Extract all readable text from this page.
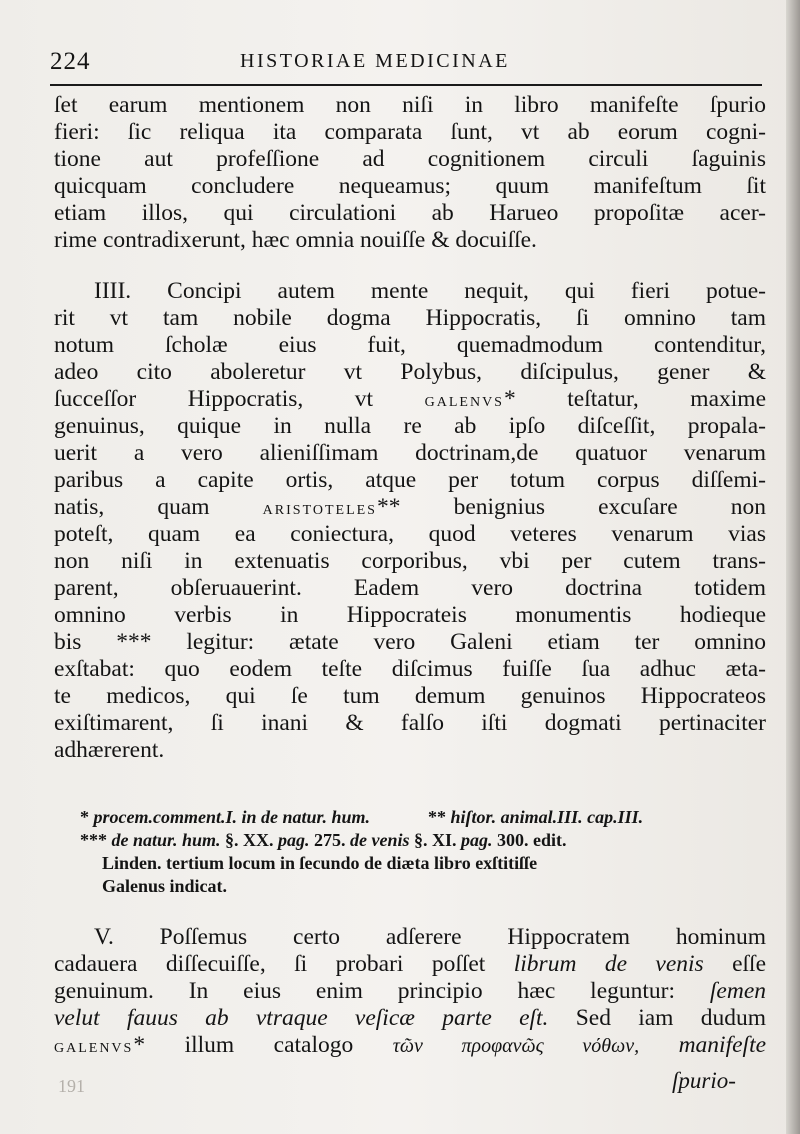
224	HISTORIAE MEDICINAE
ſet earum mentionem non niſi in libro manifeſte ſpurio
fieri: ſic reliqua ita comparata ſunt, vt ab eorum cogni-
tione aut profeſſione ad cognitionem circuli ſaguinis
quicquam concludere nequeamus; quum manifeſtum ſit
etiam illos, qui circulationi ab Harueo propoſitæ acer-
rime contradixerunt, hæc omnia nouiſſe & docuiſſe.
IIII. Concipi autem mente nequit, qui fieri potue-
rit vt tam nobile dogma Hippocratis, ſi omnino tam
notum ſcholæ eius fuit, quemadmodum contenditur,
adeo cito aboleretur vt Polybus, diſcipulus, gener &
ſucceſſor Hippocratis, vt galenvs* teſtatur, maxime
genuinus, quique in nulla re ab ipſo diſceſſit, propala-
uerit a vero alieniſſimam doctrinam,de quatuor venarum
paribus a capite ortis, atque per totum corpus diſſemi-
natis, quam aristoteles** benignius excuſare non
poteſt, quam ea coniectura, quod veteres venarum vias
non niſi in extenuatis corporibus, vbi per cutem trans-
parent, obſeruauerint. Eadem vero doctrina totidem
omnino verbis in Hippocrateis monumentis hodieque
bis *** legitur: ætate vero Galeni etiam ter omnino
exſtabat: quo eodem teſte diſcimus fuiſſe ſua adhuc æta-
te medicos, qui ſe tum demum genuinos Hippocrateos
exiſtimarent, ſi inani & falſo iſti dogmati pertinaciter
adhærerent.
* procem.comment.I. in de natur. hum.	** hiſtor. animal.III. cap.III.
*** de natur. hum. §. XX. pag. 275. de venis §. XI. pag. 300. edit.
Linden. tertium locum in ſecundo de diæta libro exſtitiſſe
Galenus indicat.
V. Poſſemus certo adſerere Hippocratem hominum
cadauera diſſecuiſſe, ſi probari poſſet librum de venis eſſe
genuinum. In eius enim principio hæc leguntur: ſemen
velut fauus ab vtraque veſicæ parte eſt. Sed iam dudum
galenvs* illum catalogo τῶν προφανῶς νόθων, manifeſte
ſpurio-
191
